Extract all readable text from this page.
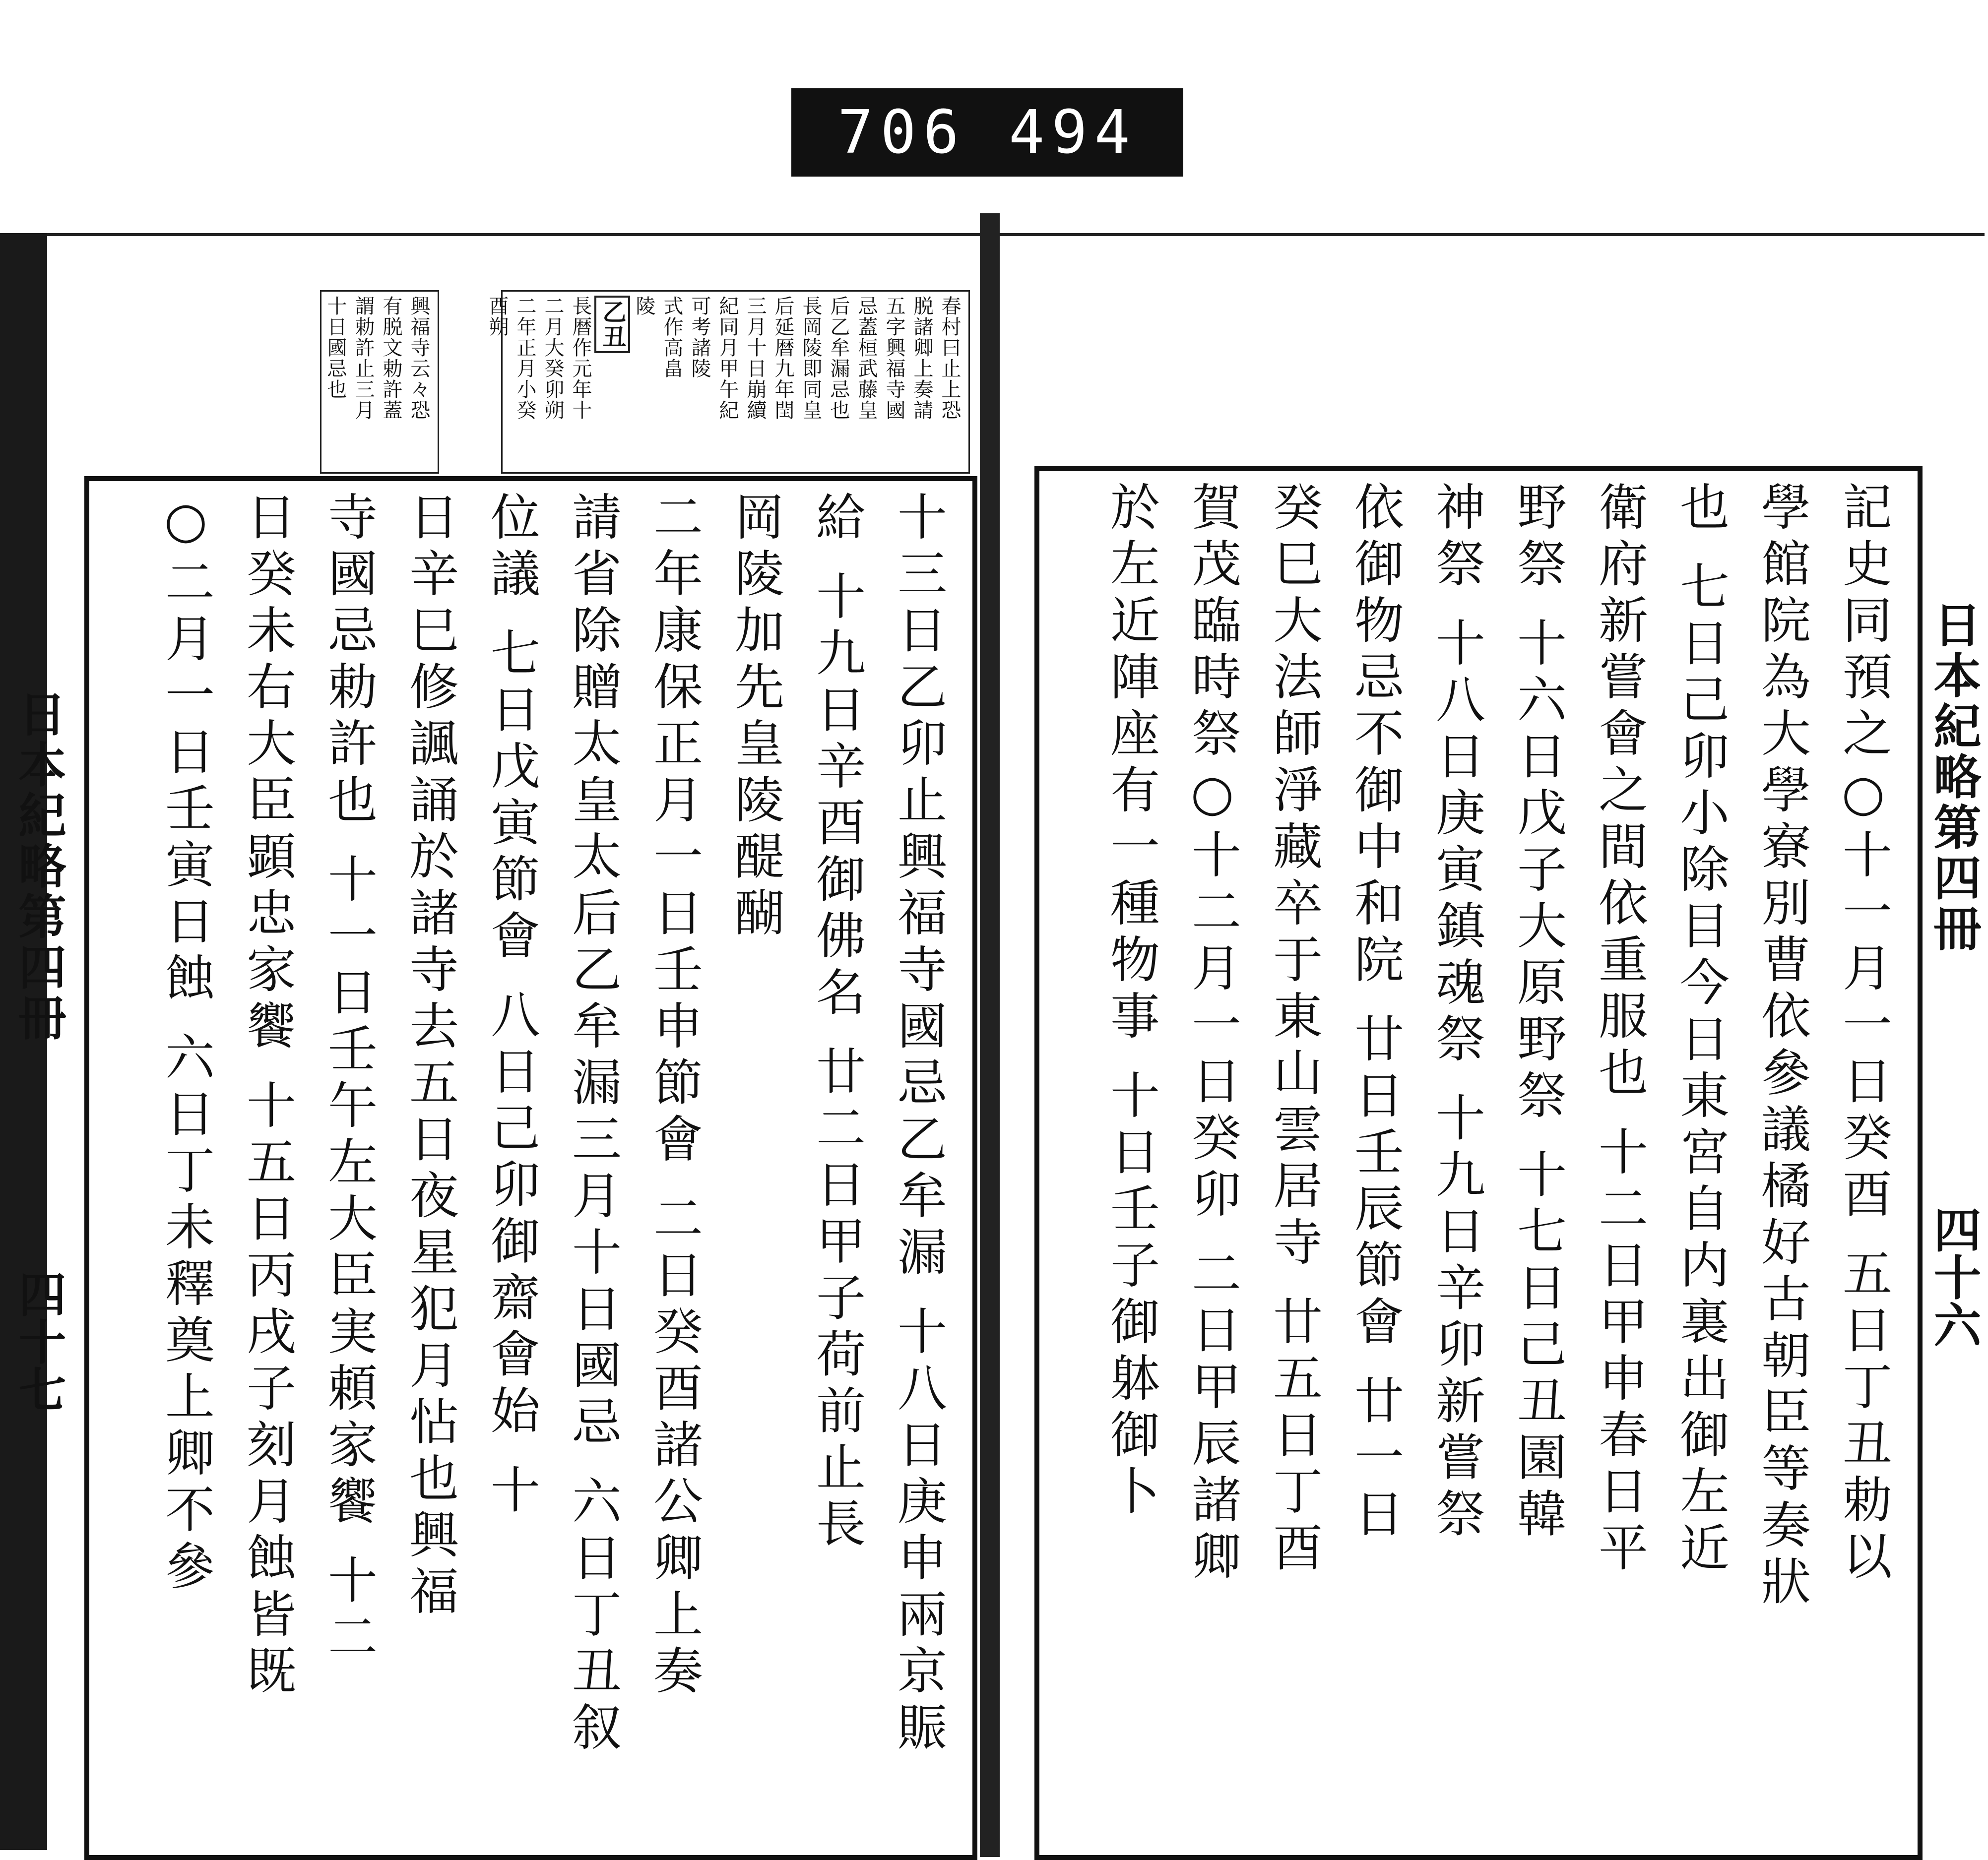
706 494
日本紀略第四冊
四十七
日本紀略第四冊
四十六

興福寺云々恐

有脱文勅許蓋

謂勅許止三月

十日國忌也	春村曰止上恐

脱諸卿上奏請

五字興福寺國

忌蓋桓武藤皇

后乙牟漏忌也

長岡陵即同皇

后延暦九年閏

三月十日崩續

紀同月甲午紀

可考諸陵

式作高畠

陵

乙丑

長暦作元年十

二月大癸卯朔

二年正月小癸

酉朔

十三日乙卯止興福寺國忌乙牟漏 十八日庚申兩京賑

給 十九日辛酉御佛名 廿二日甲子荷前止長

岡陵加先皇陵醍醐

二年康保正月一日壬申節會 二日癸酉諸公卿上奏

請省除贈太皇太后乙牟漏三月十日國忌 六日丁丑叙

位議 七日戊寅節會 八日己卯御齋會始 十

日辛巳修諷誦於諸寺去五日夜星犯月怗也興福

寺國忌勅許也 十一日壬午左大臣実頼家饗 十二

日癸未右大臣顕忠家饗 十五日丙戌子刻月蝕皆既

○二月一日壬寅日蝕 六日丁未釋奠上卿不參	記史同預之○十一月一日癸酉 五日丁丑勅以

學館院為大學寮別曹依參議橘好古朝臣等奏狀

也 七日己卯小除目今日東宮自内裏出御左近

衛府新嘗會之間依重服也 十二日甲申春日平

野祭 十六日戊子大原野祭 十七日己丑園韓

神祭 十八日庚寅鎮魂祭 十九日辛卯新嘗祭

依御物忌不御中和院 廿日壬辰節會 廿一日

癸巳大法師淨藏卒于東山雲居寺 廿五日丁酉

賀茂臨時祭○十二月一日癸卯 二日甲辰諸卿

於左近陣座有一種物事 十日壬子御躰御卜
